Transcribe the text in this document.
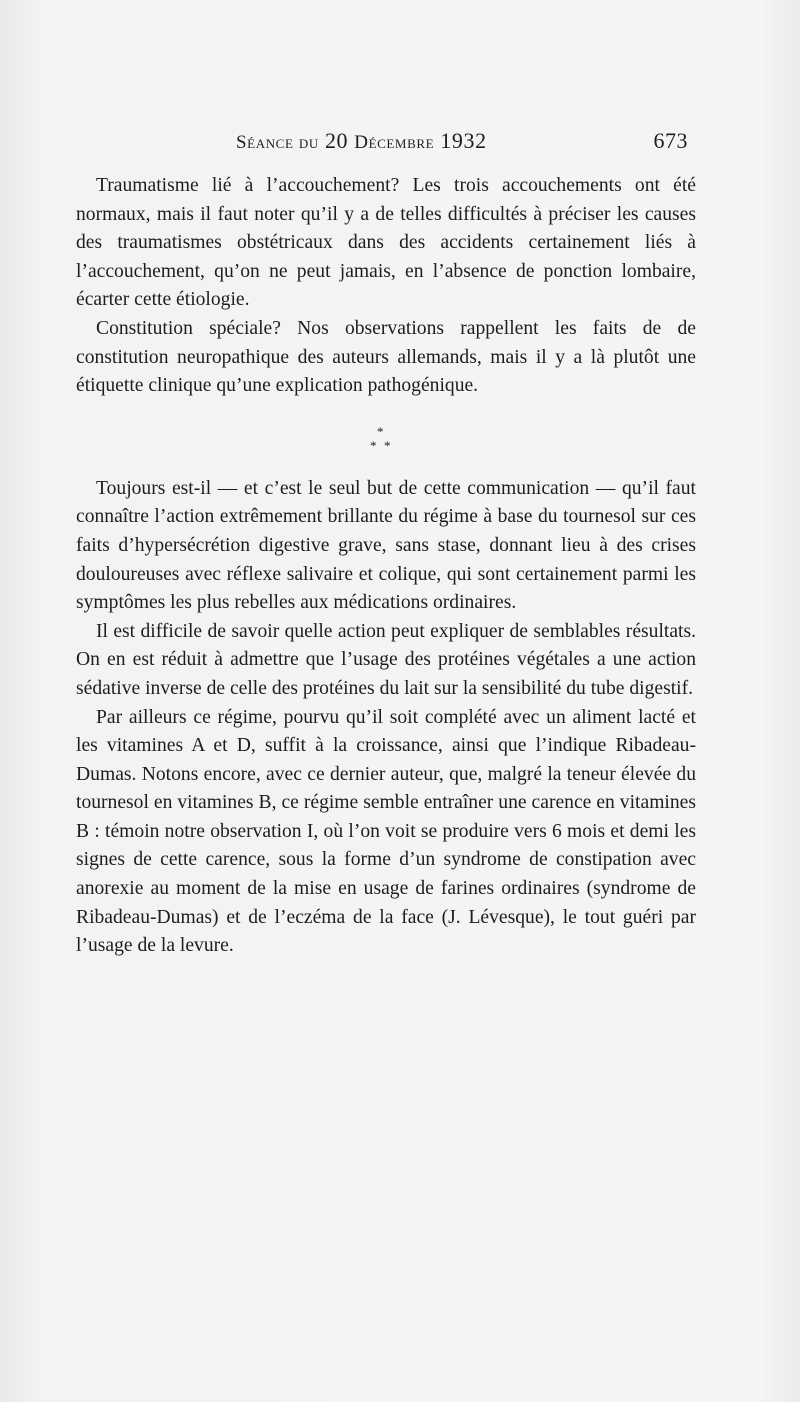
Séance du 20 Décembre 1932	673

Traumatisme lié à l’accouchement? Les trois accouchements ont été normaux, mais il faut noter qu’il y a de telles difficultés à préciser les causes des traumatismes obstétricaux dans des accidents certainement liés à l’accouchement, qu’on ne peut jamais, en l’absence de ponction lombaire, écarter cette étiologie.

Constitution spéciale? Nos observations rappellent les faits de de constitution neuropathique des auteurs allemands, mais il y a là plutôt une étiquette clinique qu’une explication pathogénique.

*
* *

Toujours est-il — et c’est le seul but de cette communication — qu’il faut connaître l’action extrêmement brillante du régime à base du tournesol sur ces faits d’hypersécrétion digestive grave, sans stase, donnant lieu à des crises douloureuses avec réflexe salivaire et colique, qui sont certainement parmi les symptômes les plus rebelles aux médications ordinaires.

Il est difficile de savoir quelle action peut expliquer de semblables résultats. On en est réduit à admettre que l’usage des protéines végétales a une action sédative inverse de celle des protéines du lait sur la sensibilité du tube digestif.

Par ailleurs ce régime, pourvu qu’il soit complété avec un aliment lacté et les vitamines A et D, suffit à la croissance, ainsi que l’indique Ribadeau-Dumas. Notons encore, avec ce dernier auteur, que, malgré la teneur élevée du tournesol en vitamines B, ce régime semble entraîner une carence en vitamines B : témoin notre observation I, où l’on voit se produire vers 6 mois et demi les signes de cette carence, sous la forme d’un syndrome de constipation avec anorexie au moment de la mise en usage de farines ordinaires (syndrome de Ribadeau-Dumas) et de l’eczéma de la face (J. Lévesque), le tout guéri par l’usage de la levure.
